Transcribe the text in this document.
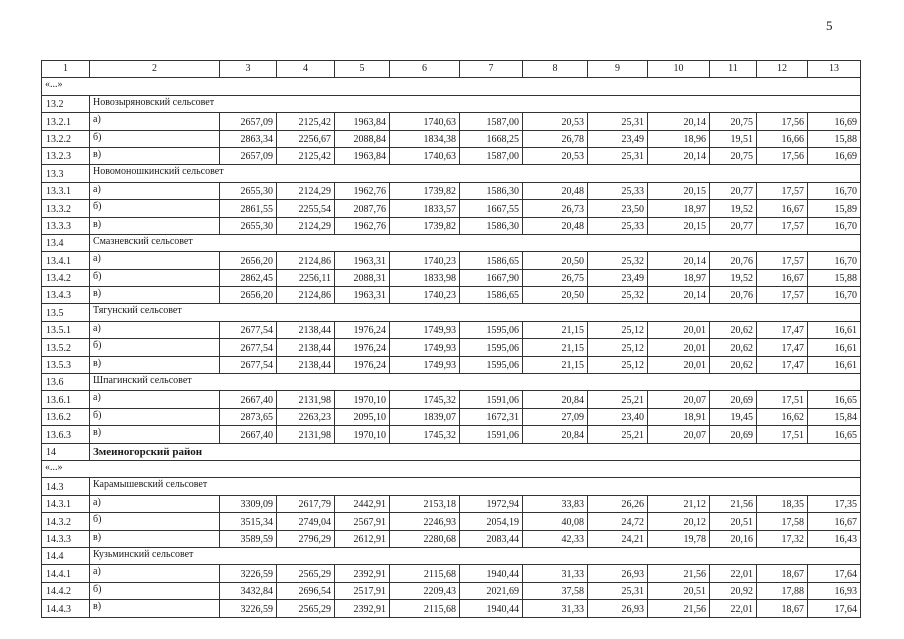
5
1	2	3	4	5	6	7	8	9	10	11	12	13
«...»												
13.2	Новозыряновский сельсовет											
13.2.1	а)	2657,09	2125,42	1963,84	1740,63	1587,00	20,53	25,31	20,14	20,75	17,56	16,69
13.2.2	б)	2863,34	2256,67	2088,84	1834,38	1668,25	26,78	23,49	18,96	19,51	16,66	15,88
13.2.3	в)	2657,09	2125,42	1963,84	1740,63	1587,00	20,53	25,31	20,14	20,75	17,56	16,69
13.3	Новомоношкинский сельсовет											
13.3.1	а)	2655,30	2124,29	1962,76	1739,82	1586,30	20,48	25,33	20,15	20,77	17,57	16,70
13.3.2	б)	2861,55	2255,54	2087,76	1833,57	1667,55	26,73	23,50	18,97	19,52	16,67	15,89
13.3.3	в)	2655,30	2124,29	1962,76	1739,82	1586,30	20,48	25,33	20,15	20,77	17,57	16,70
13.4	Смазневский сельсовет											
13.4.1	а)	2656,20	2124,86	1963,31	1740,23	1586,65	20,50	25,32	20,14	20,76	17,57	16,70
13.4.2	б)	2862,45	2256,11	2088,31	1833,98	1667,90	26,75	23,49	18,97	19,52	16,67	15,88
13.4.3	в)	2656,20	2124,86	1963,31	1740,23	1586,65	20,50	25,32	20,14	20,76	17,57	16,70
13.5	Тягунский сельсовет											
13.5.1	а)	2677,54	2138,44	1976,24	1749,93	1595,06	21,15	25,12	20,01	20,62	17,47	16,61
13.5.2	б)	2677,54	2138,44	1976,24	1749,93	1595,06	21,15	25,12	20,01	20,62	17,47	16,61
13.5.3	в)	2677,54	2138,44	1976,24	1749,93	1595,06	21,15	25,12	20,01	20,62	17,47	16,61
13.6	Шпагинский сельсовет											
13.6.1	а)	2667,40	2131,98	1970,10	1745,32	1591,06	20,84	25,21	20,07	20,69	17,51	16,65
13.6.2	б)	2873,65	2263,23	2095,10	1839,07	1672,31	27,09	23,40	18,91	19,45	16,62	15,84
13.6.3	в)	2667,40	2131,98	1970,10	1745,32	1591,06	20,84	25,21	20,07	20,69	17,51	16,65
14	Змеиногорский район											
«...»												
14.3	Карамышевский сельсовет											
14.3.1	а)	3309,09	2617,79	2442,91	2153,18	1972,94	33,83	26,26	21,12	21,56	18,35	17,35
14.3.2	б)	3515,34	2749,04	2567,91	2246,93	2054,19	40,08	24,72	20,12	20,51	17,58	16,67
14.3.3	в)	3589,59	2796,29	2612,91	2280,68	2083,44	42,33	24,21	19,78	20,16	17,32	16,43
14.4	Кузьминский сельсовет											
14.4.1	а)	3226,59	2565,29	2392,91	2115,68	1940,44	31,33	26,93	21,56	22,01	18,67	17,64
14.4.2	б)	3432,84	2696,54	2517,91	2209,43	2021,69	37,58	25,31	20,51	20,92	17,88	16,93
14.4.3	в)	3226,59	2565,29	2392,91	2115,68	1940,44	31,33	26,93	21,56	22,01	18,67	17,64
